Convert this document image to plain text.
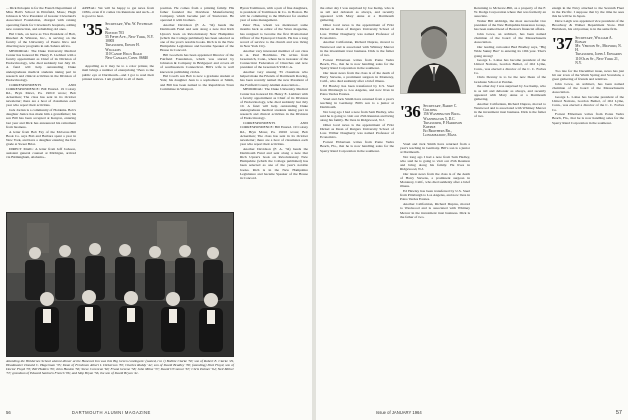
... Dick Peloquin is for the French Department of Miss Hall's School in Pittsfield, Mass.; Hugh Johnson is Vice President of Greater Cleveland's Associated Foundation, charged with raising operating funds for Cleveland's hospitals, adding new construction, and rebuilding old ones.

Hal Clark, on leave as Vice President of Holt, Rinehart & Winston, Inc., is serving on the faculty of the University of Puerto Rico and directing new programs in sub-Sahara Africa.

MEMORIAL: The Duke University Medical Center has honored Dr. Henry E. Liebhart with a faculty appointment as Chief of its Division of Endocrinology, who died suddenly last July 10. A fund will help outstanding Duke undergraduate medical students taking part in research and clinical activities in the Division of Endocrinology.

CORRESPONDENTS AND CORRESPONDENCE: Bill Ensrud. 19 Colony Rd., Bryn Mawr, Pa. 19010 wrote; Bob Ackerman; The class has sent in its October newsletter; there are a host of classmates each year who report their activities.

Jack Jordan is a community of Holdems. Bob's daughter Janice has made him a grandfather; his son Bill has been accepted at Kenyon, entering last year and Dick has announced his retirement from business.

A letter from Bob Fay of the McGraw-Hill Book Co. says Bob and Barbara spent a year in New York, and have a daughter entering the first grade at Sweet Briar.

DIRECT MAIL: A letter from Jeff Jackson, assistant general counsel at Michigan, arrived via Birmingham, Alabama...

APPEAL: We will be happy to get news from 1930s, even if it comes via Reunions and such—it is good to hear.

'35 Secretary, Wm. W. Fitzhugh Jr.
Boston 703
55 Fifth Ave., New York, N.Y. 10003
Treasurer, Edwin H. Williams
110 Canoe Hills Road
New Canaan, Conn. 06840

Appalling as it may be to a color printer, the mail brings a number of enterprising '35ers to the public eye at Dartmouth—and I got to read their printed notices. I am grateful to all of them.

position. He comes from a printing family. His father founded the Davidson Manufacturing Company, which became part of Sturtevant. He operated it with brothers.

Another Davidson (F. A. '34) heads the Dartmouth Fund and sent along a note that Rich Upton's book on Revolutionary New Hampshire (which the College published) has been selected as one of the year's notable books. Rich is in the New Hampshire Legislature and became Speaker of the House in Concord.

Bill Goodwin has been appointed Director of the Fairfield Foundation, which was started by Johnston & Company in Bridgeport and covers all of southwestern Connecticut. Bill's wife is well known in publishing circles.

Hal Coad's son Bob is now a graduate student at Yale; his daughter Jean is a sophomore at Smith, and Bill has been named to the Republican Town Committee in Westport.

Byron Tomlinson, with a pair of fine daughters, is president of Tomlinson & Co. in Boston. He will be commuting to the Midwest for another year of sales management.

Peter Hoe, whom we mentioned some months back as editor of the Wave magazine, has resigned to become the first Promotional Officer of the Episcopal Church. He has a long record of service to the church and was living in New York City.

Another very interested member of our class is A. Paul Hotchkiss. He writes from Greenwich, Conn., where he is treasurer of the Connecticut Federation of Churches and now president of the Greenwich Y.M.C.A.

Another very unsung '35 classmate who helped make the Friends of Dartmouth Rowing, has been recently named the new President of the Fairfield County Alumni Association...

MEMORIAL: The Duke University Medical Center has honored Dr. Henry E. Liebhart with a faculty appointment as Chief of its Division of Endocrinology, who died suddenly last July 10. A fund will help outstanding Duke undergraduate medical students taking part in research and clinical activities in the Division of Endocrinology.

CORRESPONDENTS AND CORRESPONDENCE: Bill Ensrud. 19 Colony Rd., Bryn Mawr, Pa. 19010 wrote; Bob Ackerman; The class has sent in its October newsletter; there are a host of classmates each year who report their activities.

Another Davidson (F. A. '34) heads the Dartmouth Fund and sent along a note that Rich Upton's book on Revolutionary New Hampshire (which the College published) has been selected as one of the year's notable books. Rich is in the New Hampshire Legislature and became Speaker of the House in Concord.

Attending the Holdernes School alumni dinner at the Hancock Inn was this Big Green contingent: (seated, l to r) Bobbie Clarke '50; son of Robert E. Clarke '29, Headmaster Donald C. Hagerman '35; Dean of Freshmen Albert I. Dickerson '30; Charles Ruddy '42; son of David Bradley '38; (standing) Dick Floyd, son of Doctor Floyd '35; Bill Holden '39; John Hanlon '56; Steve Corcoran '60; Frank Greene '58; John Milne '37; David O'Connor '67; Chris Palmer '64; Neil Milner '57; grandson of Edward Sanborn French '06; and Skip Bryan '56, the son of David Bryan '41.
56	DARTMOUTH ALUMNI MAGAZINE

the other day I was surprised by Joe Kemp, who is as tall and debonair as always, and recently appeared with Mary Anne at a Dartmouth gathering.

Other local news is the appointment of Fritz Dickel as Dean of Rutgers University School of Law. Wilbur Daugherty was named Professor of Economics.

Another Californian, Richard Dupras, moved to Westwood and is associated with Whitney Mercer in the investment trust business. Dick is the father of two.

Forrest Ebbertsen writes from Ponte Vedra Beach, Fla., that he is now handling sales for the Sperry Rand Corporation in the southeast.

Our latest news from the class is of the death of Harry Stevens, a prominent surgeon in Monterey, Calif., who died suddenly after a brief illness.

Ed Hawley has been transferred by U.S. Steel from Pittsburgh to Los Angeles, and now lives in Palos Verdes Estates.

Vaud and Jack Smith have returned from a year's teaching in Germany. Bill's son is a junior at Dartmouth.

Not long ago I had a note from Sam Hadley, who said he is going to visit our 25th Reunion and bring along his family. He lives in Ridgewood, N.J.

Other local news is the appointment of Fritz Dickel as Dean of Rutgers University School of Law. Wilbur Daugherty was named Professor of Economics.

Forrest Ebbertsen writes from Ponte Vedra Beach, Fla., that he is now handling sales for the Sperry Rand Corporation in the southeast.

'36 Secretary, Barry C. Golding
156 Washington Bldg.
Washington 5, D.C.
Treasurer, P. Harrison Koepke
Ed Brothers Rd., Longmeadow, Mass.

Vaud and Jack Smith have returned from a year's teaching in Germany. Bill's son is a junior at Dartmouth.

Not long ago I had a note from Sam Hadley, who said he is going to visit our 25th Reunion and bring along his family. He lives in Ridgewood, N.J.

Our latest news from the class is of the death of Harry Stevens, a prominent surgeon in Monterey, Calif., who died suddenly after a brief illness.

Ed Hawley has been transferred by U.S. Steel from Pittsburgh to Los Angeles, and now lives in Palos Verdes Estates.

Another Californian, Richard Dupras, moved to Westwood and is associated with Whitney Mercer in the investment trust business. Dick is the father of two.

Returning to McGraw-Hill, as a property of the F. W. Dodge Corporation where that was formerly an associate.

Walter Bill Aldridge, the most successful vice president of the New Hampshire Insurance Group, has been named head of Boston's financial affairs.

John Lowe, an architect, has been named chairman of the board of the Massachusetts Association.

Our leading cartoonist Bud Bradley says, "Big Wide Sunny Bus" is entering its 10th year. That's going strong!

George L. Lohse has become president of the United Nations, Gordon Bethel, of Old Lyme, Conn., was elected a director of the C. C. Forbes Co.

Chris Deveny is to be the new Dean of the Graduate School at Purdue.

the other day I was surprised by Joe Kemp, who is as tall and debonair as always, and recently appeared with Mary Anne at a Dartmouth gathering.

Another Californian, Richard Dupras, moved to Westwood and is associated with Whitney Mercer in the investment trust business. Dick is the father of two.

ensign in the Navy attached to the Seventh Fleet in the Pacific. I suppose that by the time he sees this he will be in Japan.

Dave Leigh was appointed vice president of the Broadway & Walker Department Store. Phil Hartshorn, his old partner, is in the same firm.

'37 Secretary, William A. Ronan
Mt. Vernon St., Milford, N. H.
Treasurer, John J. Edwards
110 Olin St., New York 21, N.Y.

Too late for the December issue, news has just hit our town of the Warm Spring and Scarsdale, a great gathering of friends and relatives.

John Lowe, an architect, has been named chairman of the board of the Massachusetts Association.

George L. Lohse has become president of the United Nations, Gordon Bethel, of Old Lyme, Conn., was elected a director of the C. C. Forbes Co.

Forrest Ebbertsen writes from Ponte Vedra Beach, Fla., that he is now handling sales for the Sperry Rand Corporation in the southeast.

Issue of JANUARY 1964	57
